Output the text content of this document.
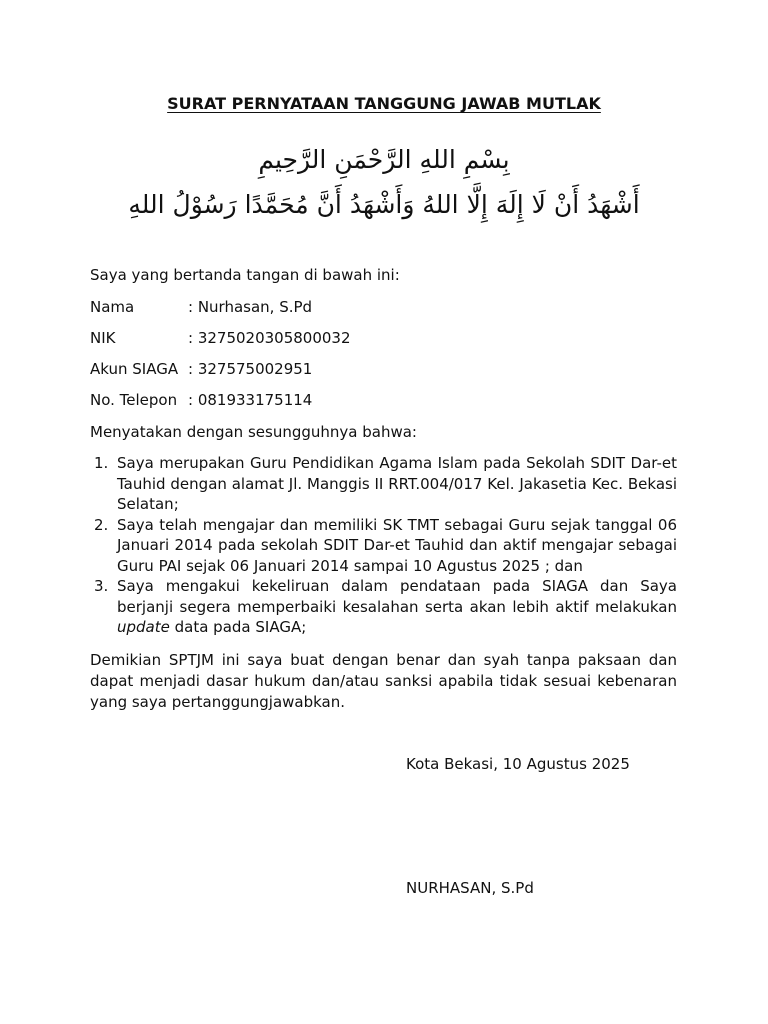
SURAT PERNYATAAN TANGGUNG JAWAB MUTLAK
بِسْمِ اللهِ الرَّحْمَنِ الرَّحِيمِ
أَشْهَدُ أَنْ لَا إِلَهَ إِلَّا اللهُ وَأَشْهَدُ أَنَّ مُحَمَّدًا رَسُوْلُ اللهِ
Saya yang bertanda tangan di bawah ini:
Nama	: Nurhasan, S.Pd
NIK	: 3275020305800032
Akun SIAGA : 327575002951
No. Telepon : 081933175114
Menyatakan dengan sesungguhnya bahwa:
1. Saya merupakan Guru Pendidikan Agama Islam pada Sekolah SDIT Dar-et Tauhid dengan alamat Jl. Manggis II RRT.004/017 Kel. Jakasetia Kec. Bekasi Selatan;
2. Saya telah mengajar dan memiliki SK TMT sebagai Guru sejak tanggal 06 Januari 2014 pada sekolah SDIT Dar-et Tauhid dan aktif mengajar sebagai Guru PAI sejak 06 Januari 2014 sampai 10 Agustus 2025 ; dan
3. Saya mengakui kekeliruan dalam pendataan pada SIAGA dan Saya berjanji segera memperbaiki kesalahan serta akan lebih aktif melakukan update data pada SIAGA;
Demikian SPTJM ini saya buat dengan benar dan syah tanpa paksaan dan dapat menjadi dasar hukum dan/atau sanksi apabila tidak sesuai kebenaran yang saya pertanggungjawabkan.
Kota Bekasi, 10 Agustus 2025
NURHASAN, S.Pd
